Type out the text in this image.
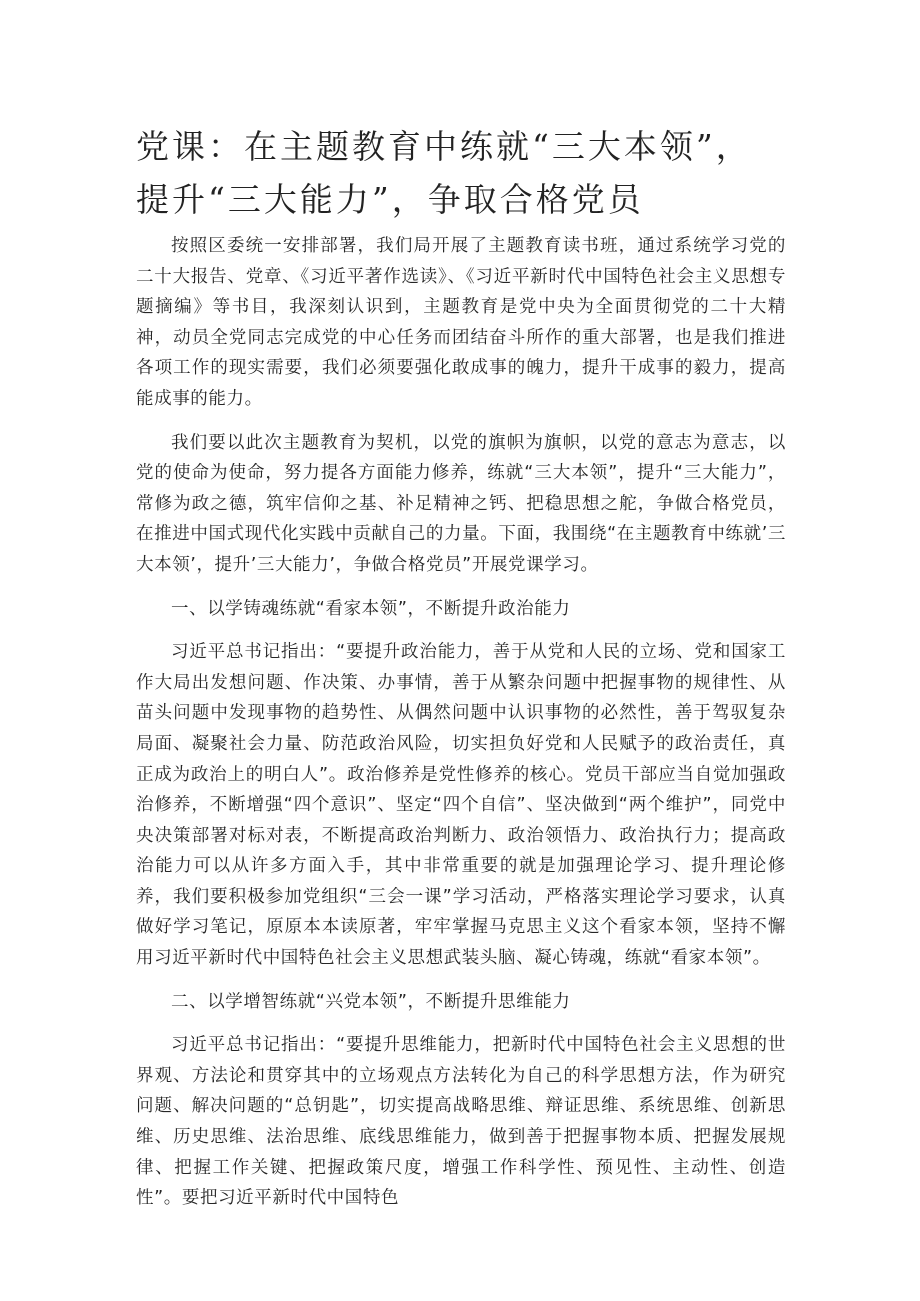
党课：在主题教育中练就“三大本领”，提升“三大能力”，争取合格党员

按照区委统一安排部署，我们局开展了主题教育读书班，通过系统学习党的二十大报告、党章、《习近平著作选读》、《习近平新时代中国特色社会主义思想专题摘编》等书目，我深刻认识到，主题教育是党中央为全面贯彻党的二十大精神，动员全党同志完成党的中心任务而团结奋斗所作的重大部署，也是我们推进各项工作的现实需要，我们必须要强化敢成事的魄力，提升干成事的毅力，提高能成事的能力。

我们要以此次主题教育为契机，以党的旗帜为旗帜，以党的意志为意志，以党的使命为使命，努力提各方面能力修养，练就“三大本领”，提升“三大能力”，常修为政之德，筑牢信仰之基、补足精神之钙、把稳思想之舵，争做合格党员，在推进中国式现代化实践中贡献自己的力量。下面，我围绕“在主题教育中练就’三大本领’，提升’三大能力’，争做合格党员”开展党课学习。

一、以学铸魂练就“看家本领”，不断提升政治能力

习近平总书记指出：“要提升政治能力，善于从党和人民的立场、党和国家工作大局出发想问题、作决策、办事情，善于从繁杂问题中把握事物的规律性、从苗头问题中发现事物的趋势性、从偶然问题中认识事物的必然性，善于驾驭复杂局面、凝聚社会力量、防范政治风险，切实担负好党和人民赋予的政治责任，真正成为政治上的明白人”。政治修养是党性修养的核心。党员干部应当自觉加强政治修养，不断增强“四个意识”、坚定“四个自信”、坚决做到“两个维护”，同党中央决策部署对标对表，不断提高政治判断力、政治领悟力、政治执行力；提高政治能力可以从许多方面入手，其中非常重要的就是加强理论学习、提升理论修养，我们要积极参加党组织“三会一课”学习活动，严格落实理论学习要求，认真做好学习笔记，原原本本读原著，牢牢掌握马克思主义这个看家本领，坚持不懈用习近平新时代中国特色社会主义思想武装头脑、凝心铸魂，练就“看家本领”。

二、以学增智练就“兴党本领”，不断提升思维能力

习近平总书记指出：“要提升思维能力，把新时代中国特色社会主义思想的世界观、方法论和贯穿其中的立场观点方法转化为自己的科学思想方法，作为研究问题、解决问题的“总钥匙”，切实提高战略思维、辩证思维、系统思维、创新思维、历史思维、法治思维、底线思维能力，做到善于把握事物本质、把握发展规律、把握工作关键、把握政策尺度，增强工作科学性、预见性、主动性、创造性”。要把习近平新时代中国特色
